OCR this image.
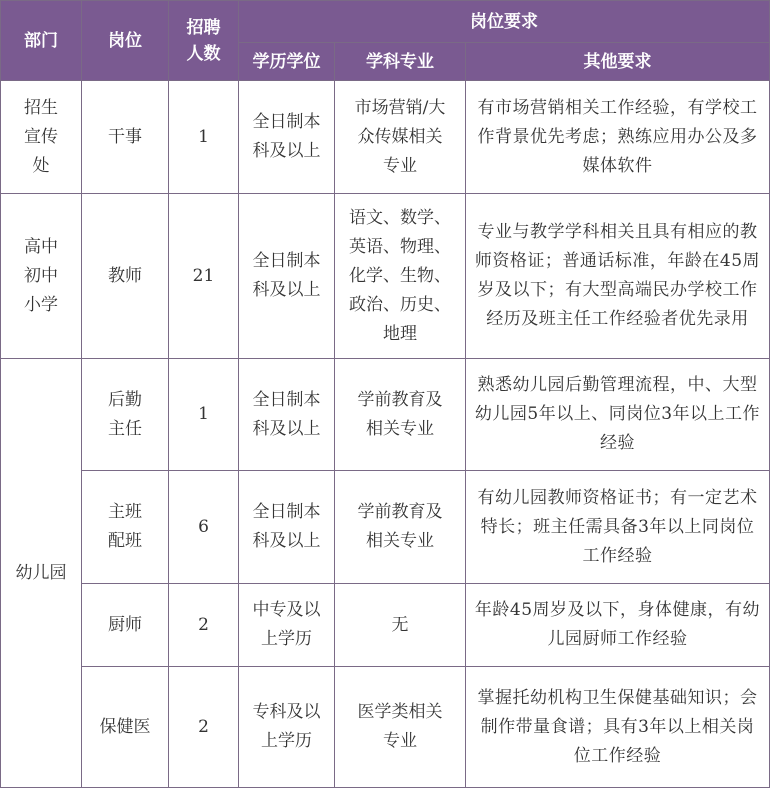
部门	岗位	招聘人数	岗位要求		
			学历学位	学科专业	其他要求
招生宣传处	干事	1	全日制本科及以上	市场营销/大众传媒相关专业	有市场营销相关工作经验，有学校工作背景优先考虑；熟练应用办公及多媒体软件
高中初中小学	教师	21	全日制本科及以上	语文、数学、英语、物理、化学、生物、政治、历史、地理	专业与教学学科相关且具有相应的教师资格证；普通话标准，年龄在45周岁及以下；有大型高端民办学校工作经历及班主任工作经验者优先录用
幼儿园	后勤主任	1	全日制本科及以上	学前教育及相关专业	熟悉幼儿园后勤管理流程，中、大型幼儿园5年以上、同岗位3年以上工作经验
	主班配班	6	全日制本科及以上	学前教育及相关专业	有幼儿园教师资格证书；有一定艺术特长；班主任需具备3年以上同岗位工作经验
	厨师	2	中专及以上学历	无	年龄45周岁及以下，身体健康，有幼儿园厨师工作经验
	保健医	2	专科及以上学历	医学类相关专业	掌握托幼机构卫生保健基础知识；会制作带量食谱；具有3年以上相关岗位工作经验
